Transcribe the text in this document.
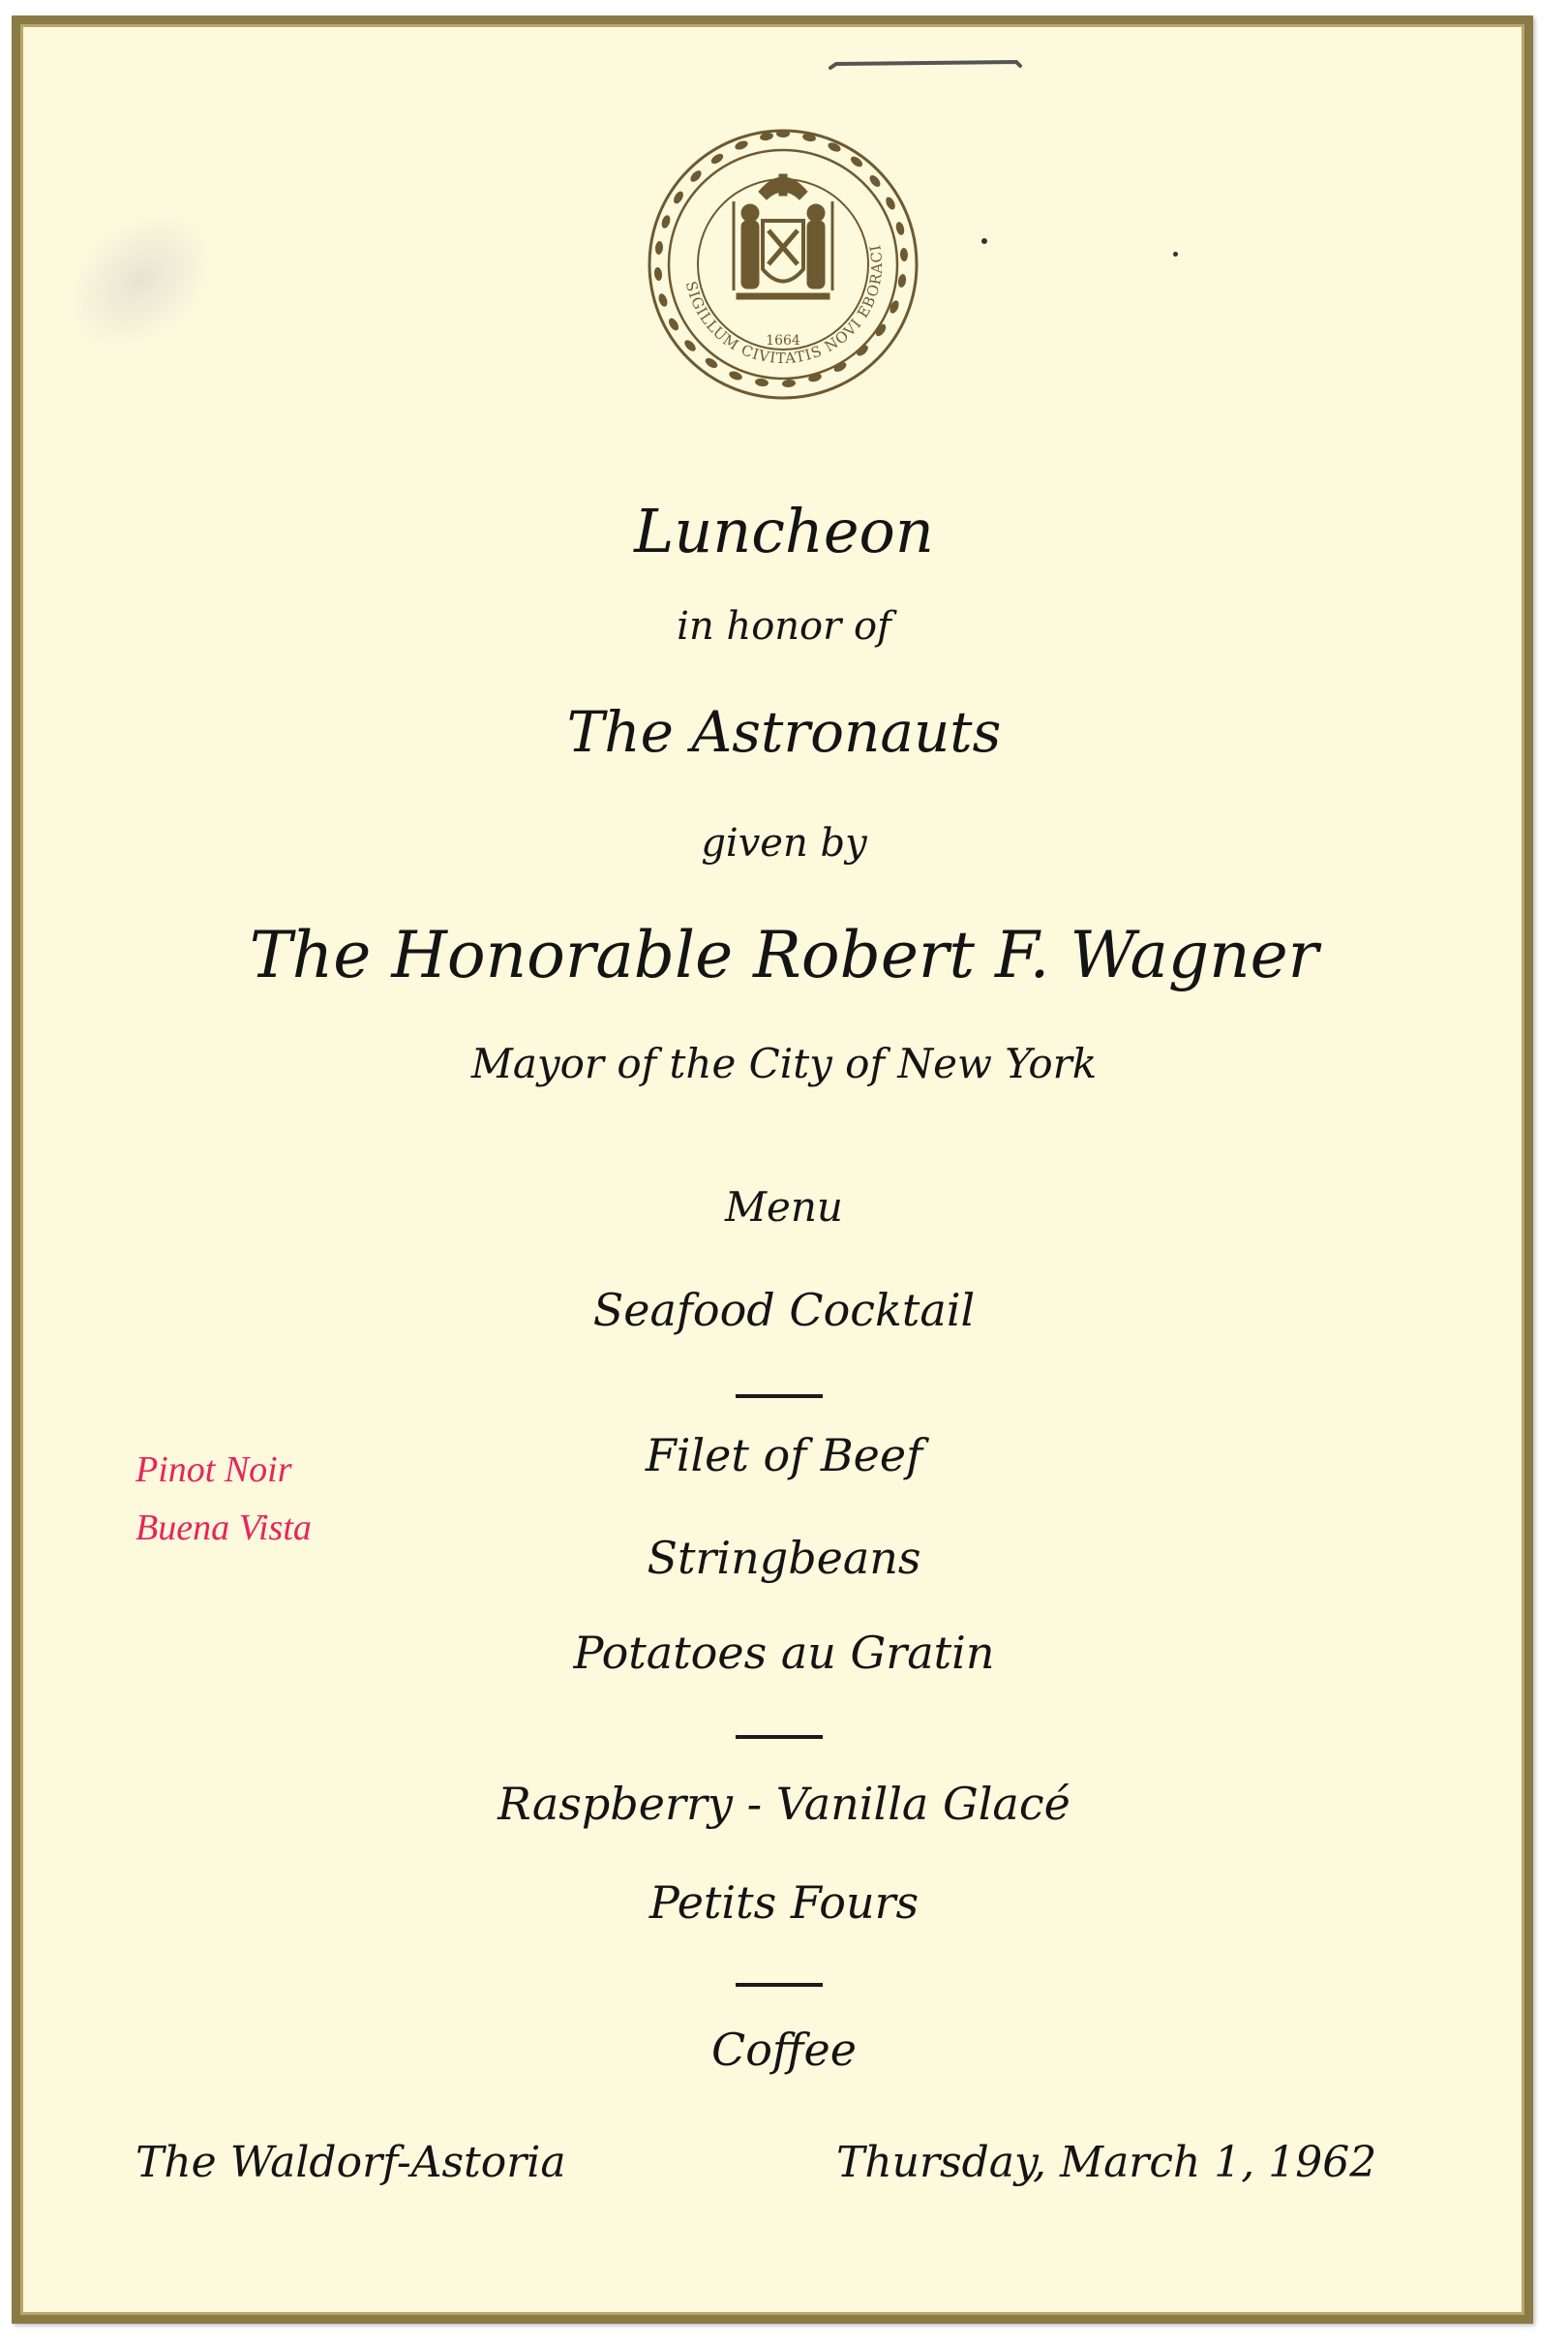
SIGILLUM CIVITATIS NOVI EBORACI
1664
Luncheon
in honor of
The Astronauts
given by
The Honorable Robert F. Wagner
Mayor of the City of New York
Menu
Seafood Cocktail
Filet of Beef
Stringbeans
Potatoes au Gratin
Raspberry - Vanilla Glacé
Petits Fours
Coffee
Pinot Noir
Buena Vista
The Waldorf-Astoria	Thursday, March 1, 1962
